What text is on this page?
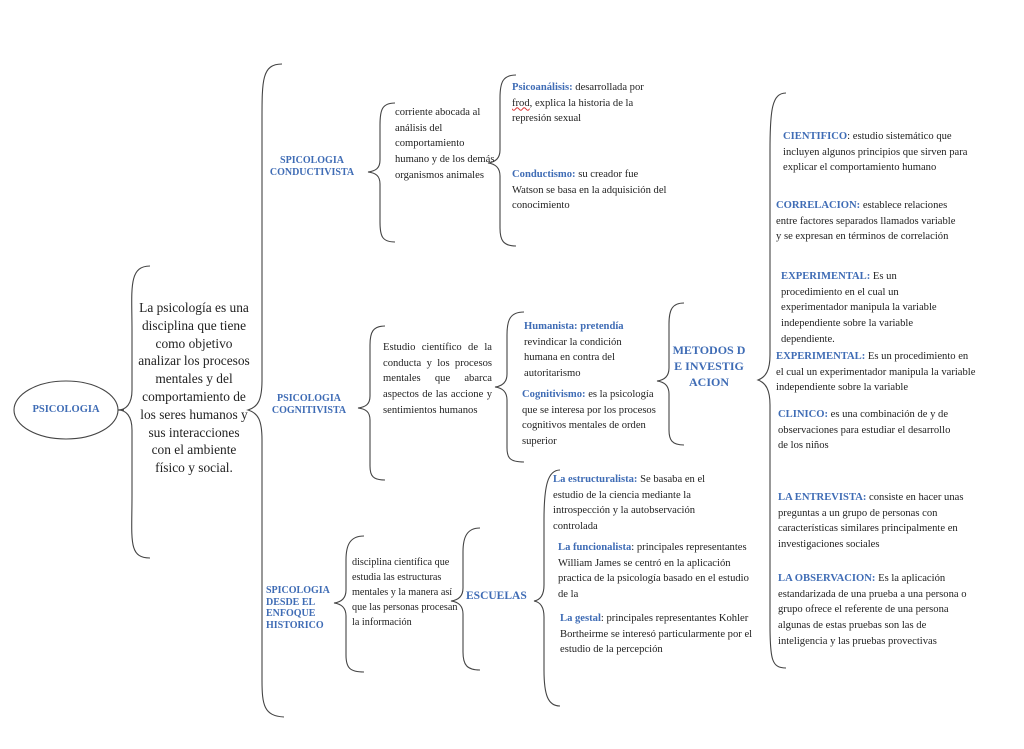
PSICOLOGIA
La psicología es una disciplina que tiene como objetivo analizar los procesos mentales y del comportamiento de los seres humanos y sus interacciones con el ambiente físico y social.
SPICOLOGIA CONDUCTIVISTA
PSICOLOGIA COGNITIVISTA
SPICOLOGIA DESDE EL ENFOQUE HISTORICO
corriente abocada al análisis del comportamiento humano y de los demás organismos animales
Estudio científico de la conducta y los procesos mentales que abarca aspectos de las accione y sentimientos humanos
disciplina científica que estudia las estructuras mentales y la manera así que las personas procesan la información
Psicoanálisis: desarrollada por frod, explica la historia de la represión sexual
Conductismo: su creador fue Watson se basa en la adquisición del conocimiento
Humanista: pretendía revindicar la condición humana en contra del autoritarismo
Cognitivismo: es la psicología que se interesa por los procesos cognitivos mentales de orden superior
METODOS DE INVESTIGACION
CIENTIFICO: estudio sistemático que incluyen algunos principios que sirven para explicar el comportamiento humano
CORRELACION: establece relaciones entre factores separados llamados variable y se expresan en términos de correlación
EXPERIMENTAL: Es un procedimiento en el cual un experimentador manipula la variable independiente sobre la variable dependiente.
EXPERIMENTAL: Es un procedimiento en el cual un experimentador manipula la variable independiente sobre la variable
CLINICO: es una combinación de y de observaciones para estudiar el desarrollo de los niños
LA ENTREVISTA: consiste en hacer unas preguntas a un grupo de personas con características similares principalmente en investigaciones sociales
LA OBSERVACION: Es la aplicación estandarizada de una prueba a una persona o grupo ofrece el referente de una persona algunas de estas pruebas son las de inteligencia y las pruebas provectivas
ESCUELAS
La estructuralista: Se basaba en el estudio de la ciencia mediante la introspección y la autobservación controlada
La funcionalista: principales representantes William James se centró en la aplicación practica de la psicología basado en el estudio de la
La gestal: principales representantes Kohler Bortheirme se interesó particularmente por el estudio de la percepción
